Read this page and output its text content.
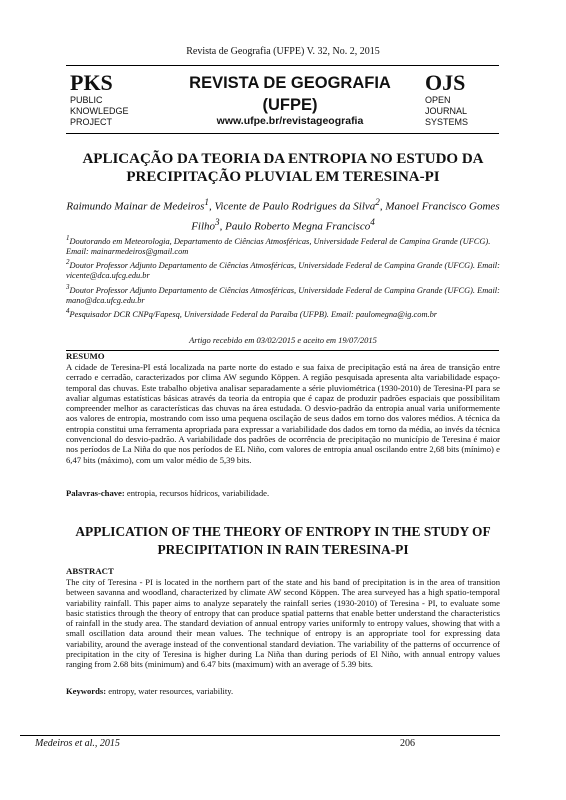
Revista de Geografia (UFPE) V. 32, No. 2, 2015
PKS
PUBLIC
KNOWLEDGE
PROJECT
REVISTA DE GEOGRAFIA
(UFPE)
www.ufpe.br/revistageografia
OJS
OPEN
JOURNAL
SYSTEMS
APLICAÇÃO DA TEORIA DA ENTROPIA NO ESTUDO DA PRECIPITAÇÃO PLUVIAL EM TERESINA-PI
Raimundo Mainar de Medeiros$^1$, Vicente de Paulo Rodrigues da Silva$^2$, Manoel Francisco Gomes Filho$^3$, Paulo Roberto Megna Francisco$^4$

$^1$Doutorando em Meteorologia, Departamento de Ciências Atmosféricas, Universidade Federal de Campina Grande (UFCG). Email: mainarmedeiros@gmail.com

$^2$Doutor Professor Adjunto Departamento de Ciências Atmosféricas, Universidade Federal de Campina Grande (UFCG). Email: vicente@dca.ufcg.edu.br

$^3$Doutor Professor Adjunto Departamento de Ciências Atmosféricas, Universidade Federal de Campina Grande (UFCG). Email: mano@dca.ufcg.edu.br

$^4$Pesquisador DCR CNPq/Fapesq, Universidade Federal da Paraíba (UFPB). Email: paulomegna@ig.com.br

Artigo recebido em 03/02/2015 e aceito em 19/07/2015
RESUMO
A cidade de Teresina-PI está localizada na parte norte do estado e sua faixa de precipitação está na área de transição entre cerrado e cerradão, caracterizados por clima AW segundo Köppen. A região pesquisada apresenta alta variabilidade espaço-temporal das chuvas. Este trabalho objetiva analisar separadamente a série pluviométrica (1930-2010) de Teresina-PI para se avaliar algumas estatísticas básicas através da teoria da entropia que é capaz de produzir padrões espaciais que possibilitam compreender melhor as características das chuvas na área estudada. O desvio-padrão da entropia anual varia uniformemente aos valores de entropia, mostrando com isso uma pequena oscilação de seus dados em torno dos valores médios. A técnica da entropia constitui uma ferramenta apropriada para expressar a variabilidade dos dados em torno da média, ao invés da técnica convencional do desvio-padrão. A variabilidade dos padrões de ocorrência de precipitação no município de Teresina é maior nos períodos de La Niña do que nos períodos de EL Niño, com valores de entropia anual oscilando entre 2,68 bits (mínimo) e 6,47 bits (máximo), com um valor médio de 5,39 bits.
Palavras-chave: entropia, recursos hídricos, variabilidade.
APPLICATION OF THE THEORY OF ENTROPY IN THE STUDY OF PRECIPITATION IN RAIN TERESINA-PI
ABSTRACT
The city of Teresina - PI is located in the northern part of the state and his band of precipitation is in the area of transition between savanna and woodland, characterized by climate AW second Köppen. The area surveyed has a high spatio-temporal variability rainfall. This paper aims to analyze separately the rainfall series (1930-2010) of Teresina - PI, to evaluate some basic statistics through the theory of entropy that can produce spatial patterns that enable better understand the characteristics of rainfall in the study area. The standard deviation of annual entropy varies uniformly to entropy values, showing that with a small oscillation data around their mean values. The technique of entropy is an appropriate tool for expressing data variability, around the average instead of the conventional standard deviation. The variability of the patterns of occurrence of precipitation in the city of Teresina is higher during La Niña than during periods of El Niño, with annual entropy values ranging from 2.68 bits (minimum) and 6.47 bits (maximum) with an average of 5.39 bits.
Keywords: entropy, water resources, variability.
Medeiros et al., 2015	206
